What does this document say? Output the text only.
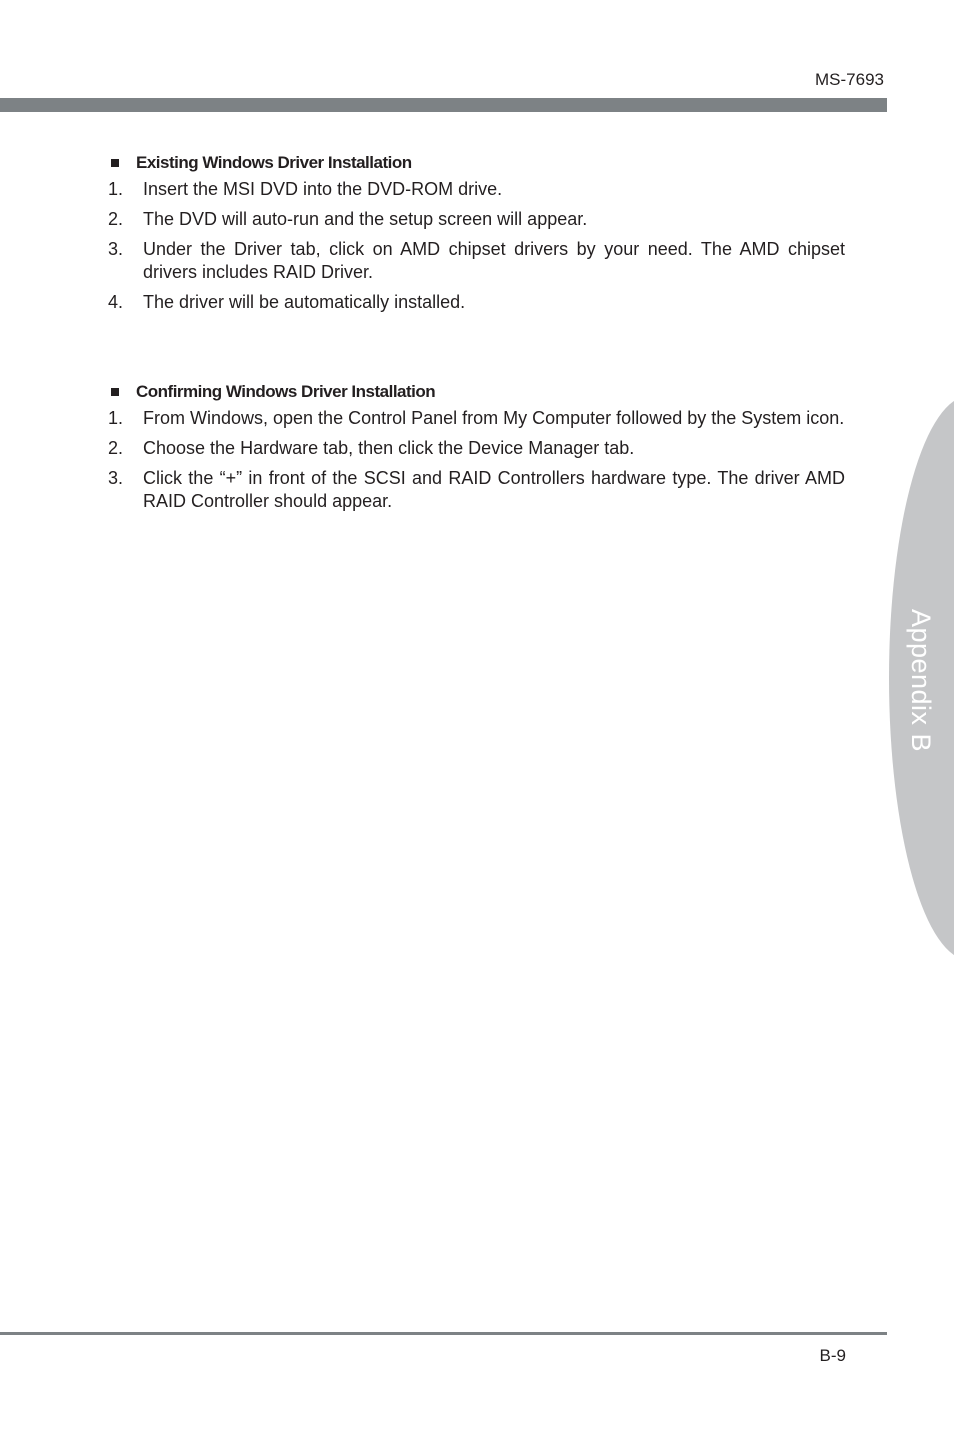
MS-7693
Appendix B
Existing Windows Driver Installation
1.	Insert the MSI DVD into the DVD-ROM drive.
2.	The DVD will auto-run and the setup screen will appear.
3.	Under the Driver tab, click on AMD chipset drivers by your need. The AMD chipset drivers includes RAID Driver.
4.	The driver will be automatically installed.
Confirming Windows Driver Installation
1.	From Windows, open the Control Panel from My Computer followed by the System icon.
2.	Choose the Hardware tab, then click the Device Manager tab.
3.	Click the “+” in front of the SCSI and RAID Controllers hardware type. The driver AMD RAID Controller should appear.
B-9
